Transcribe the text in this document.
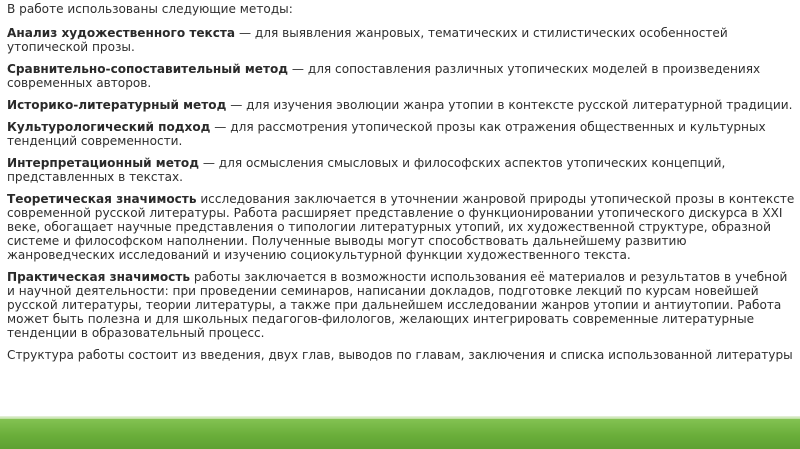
В работе использованы следующие методы:

Анализ художественного текста — для выявления жанровых, тематических и стилистических особенностей утопической прозы.

Сравнительно-сопоставительный метод — для сопоставления различных утопических моделей в произведениях современных авторов.

Историко-литературный метод — для изучения эволюции жанра утопии в контексте русской литературной традиции.

Культурологический подход — для рассмотрения утопической прозы как отражения общественных и культурных тенденций современности.

Интерпретационный метод — для осмысления смысловых и философских аспектов утопических концепций, представленных в текстах.

Теоретическая значимость исследования заключается в уточнении жанровой природы утопической прозы в контексте современной русской литературы. Работа расширяет представление о функционировании утопического дискурса в XXI веке, обогащает научные представления о типологии литературных утопий, их художественной структуре, образной системе и философском наполнении. Полученные выводы могут способствовать дальнейшему развитию жанроведческих исследований и изучению социокультурной функции художественного текста.

Практическая значимость работы заключается в возможности использования её материалов и результатов в учебной и научной деятельности: при проведении семинаров, написании докладов, подготовке лекций по курсам новейшей русской литературы, теории литературы, а также при дальнейшем исследовании жанров утопии и антиутопии. Работа может быть полезна и для школьных педагогов-филологов, желающих интегрировать современные литературные тенденции в образовательный процесс.

Структура работы состоит из введения, двух глав, выводов по главам, заключения и списка использованной литературы
